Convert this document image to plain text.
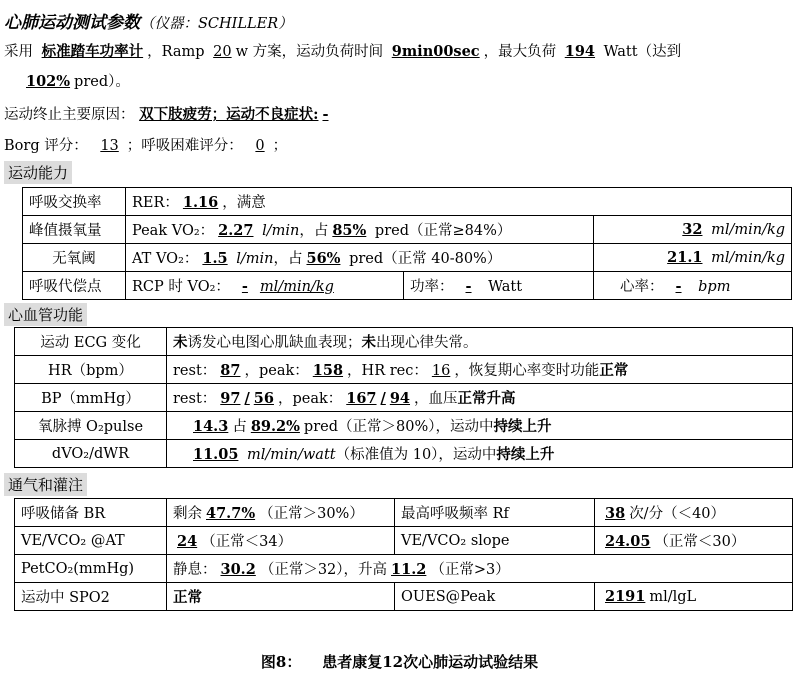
心肺运动测试参数（仪器：SCHILLER）
采用 标准踏车功率计 ，Ramp 20 w 方案，运动负荷时间 9min00sec ，最大负荷 194 Watt（达到
102% pred）。
运动终止主要原因： 双下肢疲劳；运动不良症状: -
Borg 评分： 13 ；呼吸困难评分： 0 ；
运动能力
呼吸交换率	RER： 1.16 ，满意		
峰值摄氧量	Peak VO₂： 2.27 l/min，占 85% pred（正常≥84%）		32 ml/min/kg
无氧阈	AT VO₂： 1.5 l/min，占 56% pred（正常 40-80%）		21.1 ml/min/kg
呼吸代偿点	RCP 时 VO₂： - ml/min/kg	功率： - Watt	心率： - bpm
心血管功能
运动 ECG 变化	未诱发心电图心肌缺血表现；未出现心律失常。
HR（bpm）	rest： 87 ，peak： 158 ，HR rec： 16 ，恢复期心率变时功能正常
BP（mmHg）	rest： 97 / 56 ，peak： 167 / 94 ，血压正常升高
氧脉搏 O₂pulse	14.3 占 89.2% pred（正常＞80%），运动中持续上升
dVO₂/dWR	11.05 ml/min/watt（标准值为 10），运动中持续上升
通气和灌注
呼吸储备 BR	剩余 47.7% （正常＞30%）	最高呼吸频率 Rf	38 次/分（＜40）
VE/VCO₂ @AT	24 （正常＜34）	VE/VCO₂ slope	24.05 （正常＜30）
PetCO₂(mmHg)	静息： 30.2 （正常＞32），升高 11.2 （正常>3）		
运动中 SPO2	正常	OUES@Peak	2191 ml/lgL
图8： 患者康复12次心肺运动试验结果
